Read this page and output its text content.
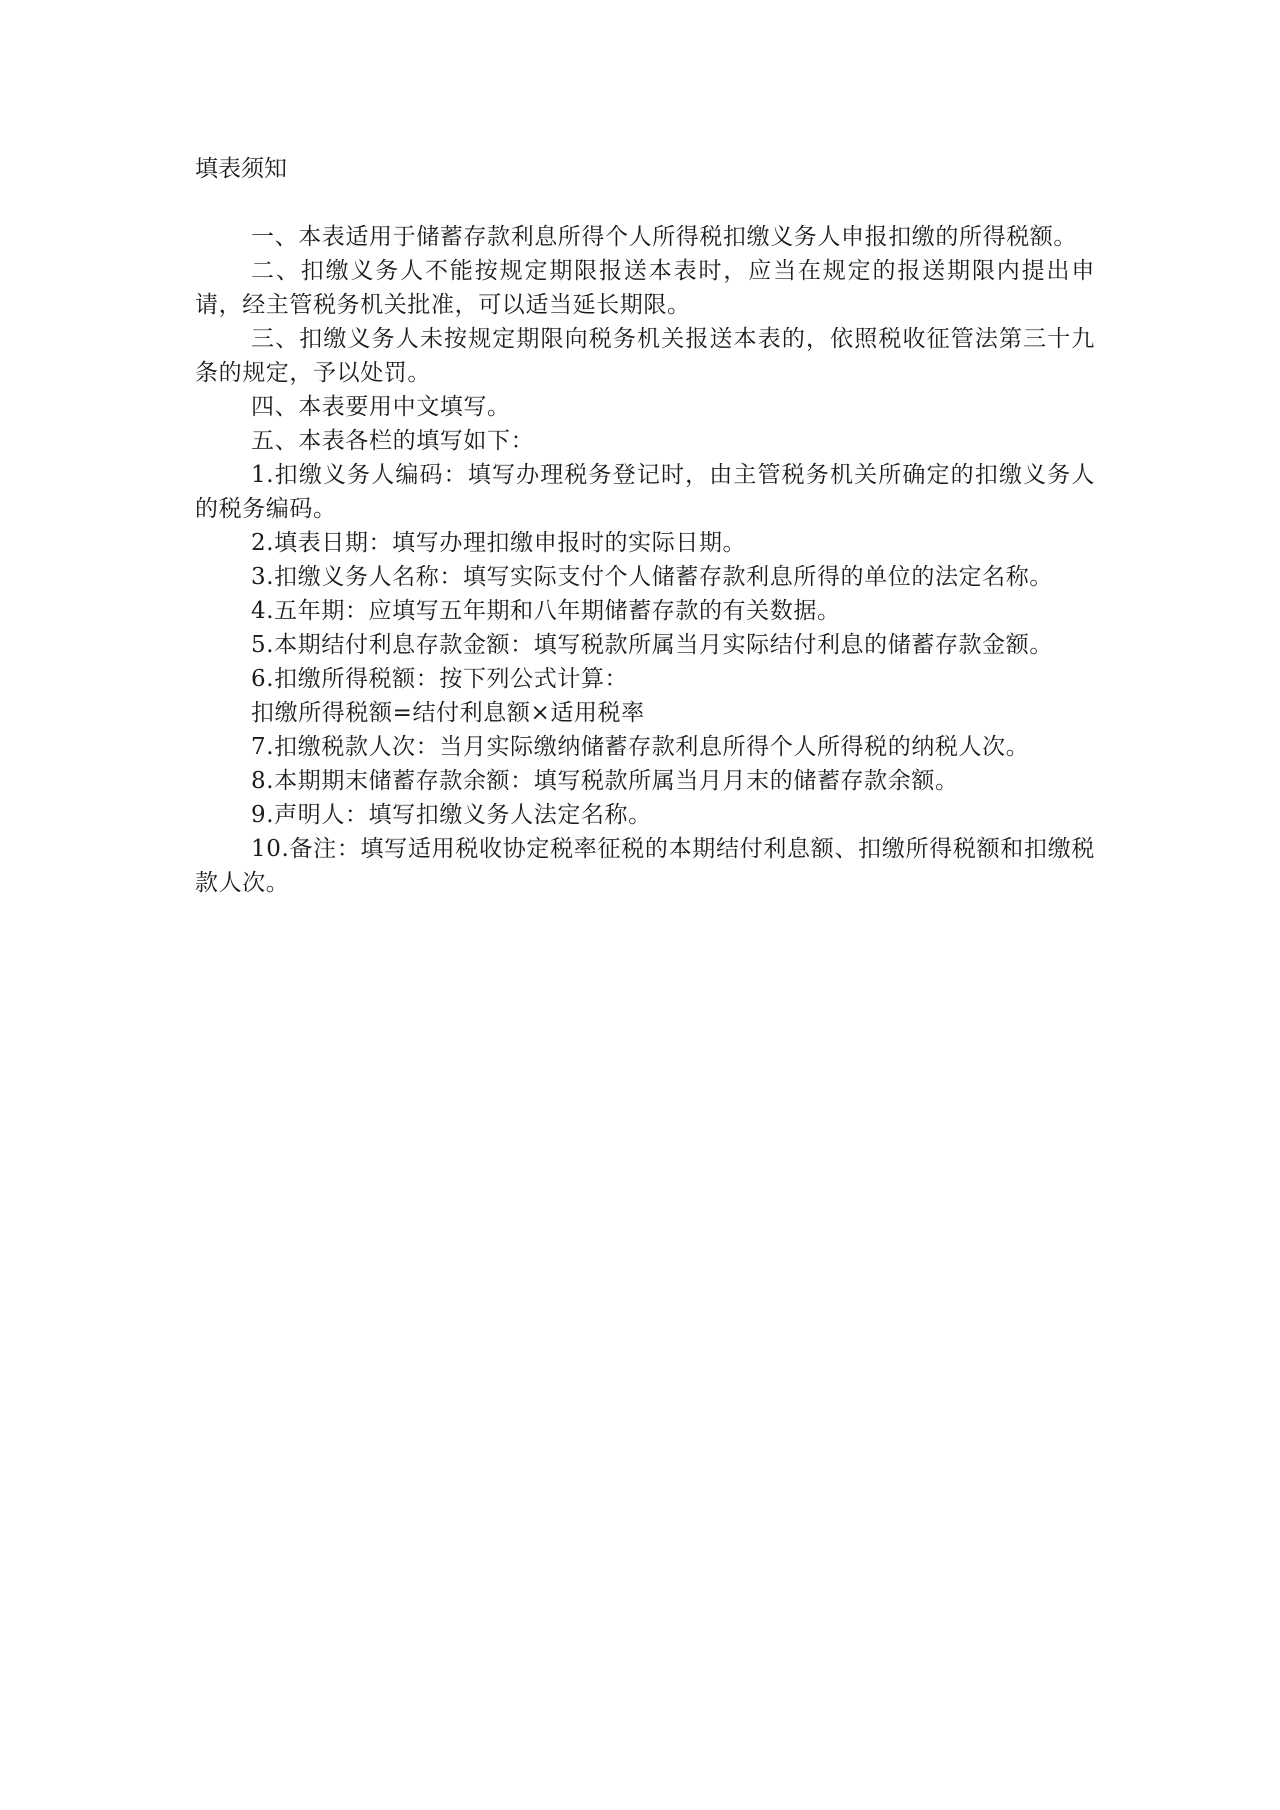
填表须知

一、本表适用于储蓄存款利息所得个人所得税扣缴义务人申报扣缴的所得税额。

二、扣缴义务人不能按规定期限报送本表时，应当在规定的报送期限内提出申请，经主管税务机关批准，可以适当延长期限。

三、扣缴义务人未按规定期限向税务机关报送本表的，依照税收征管法第三十九条的规定，予以处罚。

四、本表要用中文填写。

五、本表各栏的填写如下：

1.扣缴义务人编码：填写办理税务登记时，由主管税务机关所确定的扣缴义务人的税务编码。

2.填表日期：填写办理扣缴申报时的实际日期。

3.扣缴义务人名称：填写实际支付个人储蓄存款利息所得的单位的法定名称。

4.五年期：应填写五年期和八年期储蓄存款的有关数据。

5.本期结付利息存款金额：填写税款所属当月实际结付利息的储蓄存款金额。

6.扣缴所得税额：按下列公式计算：

扣缴所得税额=结付利息额×适用税率

7.扣缴税款人次：当月实际缴纳储蓄存款利息所得个人所得税的纳税人次。

8.本期期末储蓄存款余额：填写税款所属当月月末的储蓄存款余额。

9.声明人：填写扣缴义务人法定名称。

10.备注：填写适用税收协定税率征税的本期结付利息额、扣缴所得税额和扣缴税款人次。
